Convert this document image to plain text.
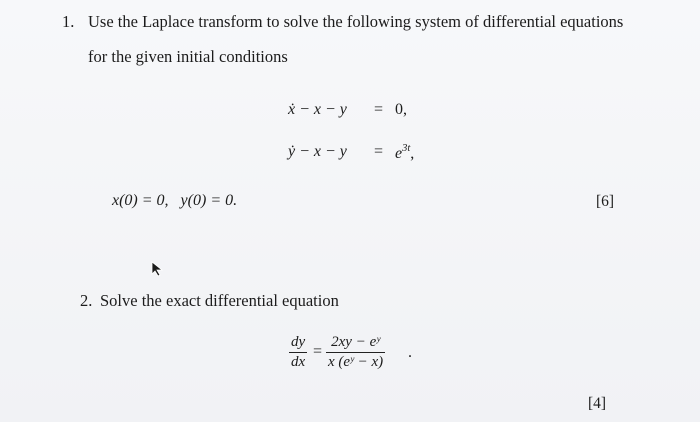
1. Use the Laplace transform to solve the following system of differential equations
for the given initial conditions
ẋ − x − y = 0,
ẏ − $x - y = e^{3t}$,
x(0) = 0,   y(0) = 0.	[6]
2. Solve the exact differential equation
dy
dx
=
2xy − eʸ
x (eʸ − x)
.
[4]
